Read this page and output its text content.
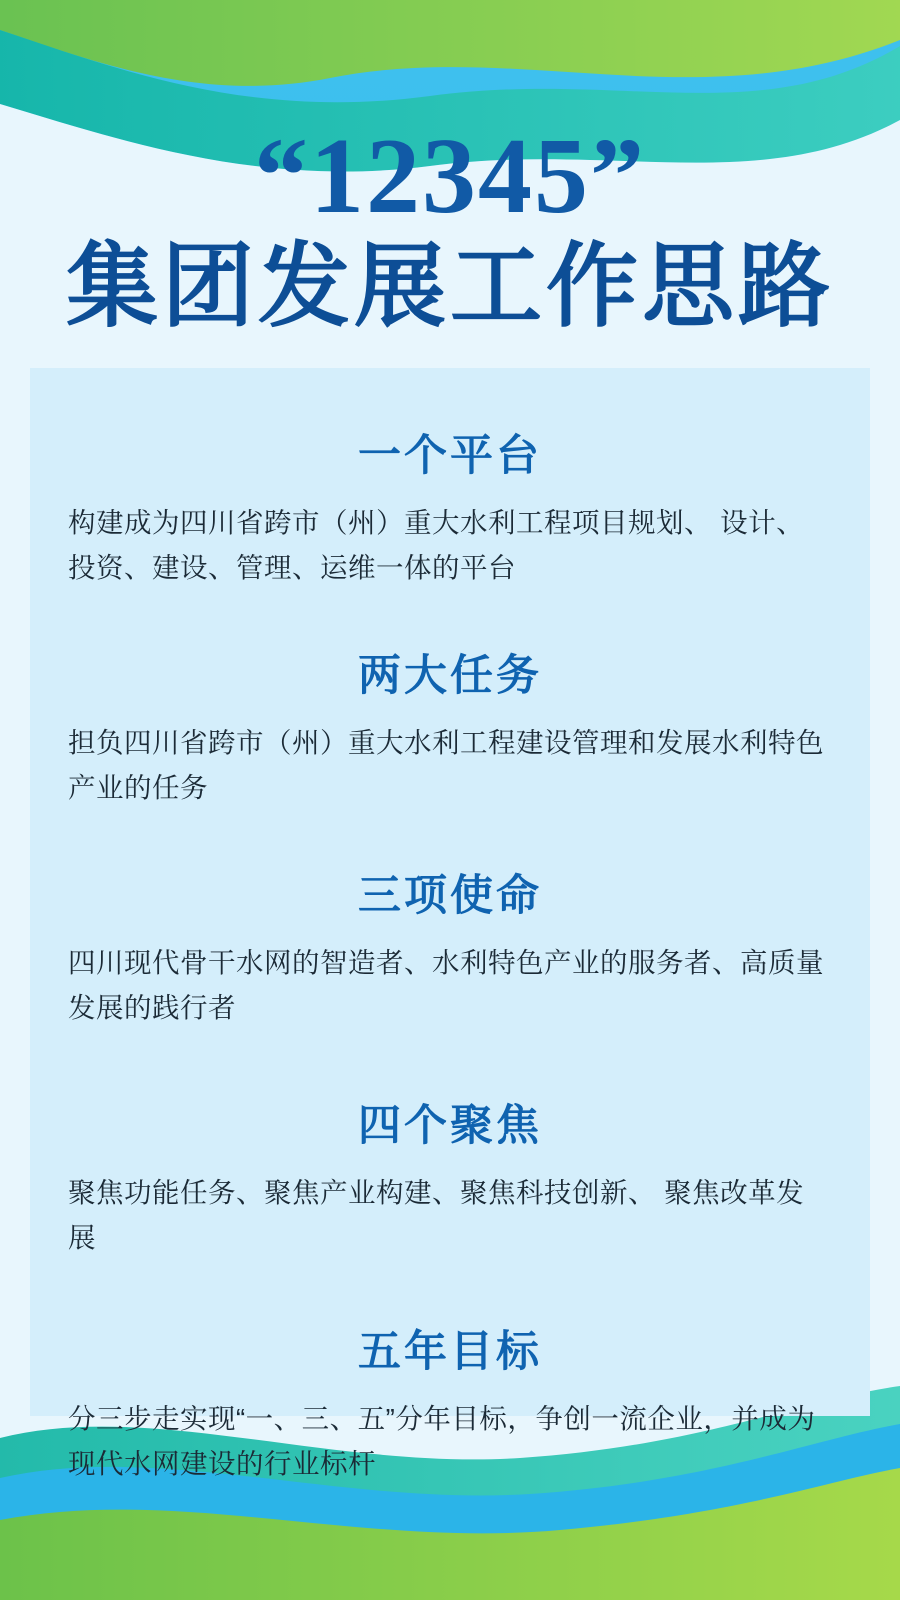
“12345”
集团发展工作思路
一个平台

构建成为四川省跨市（州）重大水利工程项目规划、 设计、投资、建设、管理、运维一体的平台

两大任务

担负四川省跨市（州）重大水利工程建设管理和发展水利特色产业的任务

三项使命

四川现代骨干水网的智造者、水利特色产业的服务者、高质量发展的践行者

四个聚焦

聚焦功能任务、聚焦产业构建、聚焦科技创新、 聚焦改革发展

五年目标

分三步走实现“一、三、五”分年目标，争创一流企业，并成为现代水网建设的行业标杆
